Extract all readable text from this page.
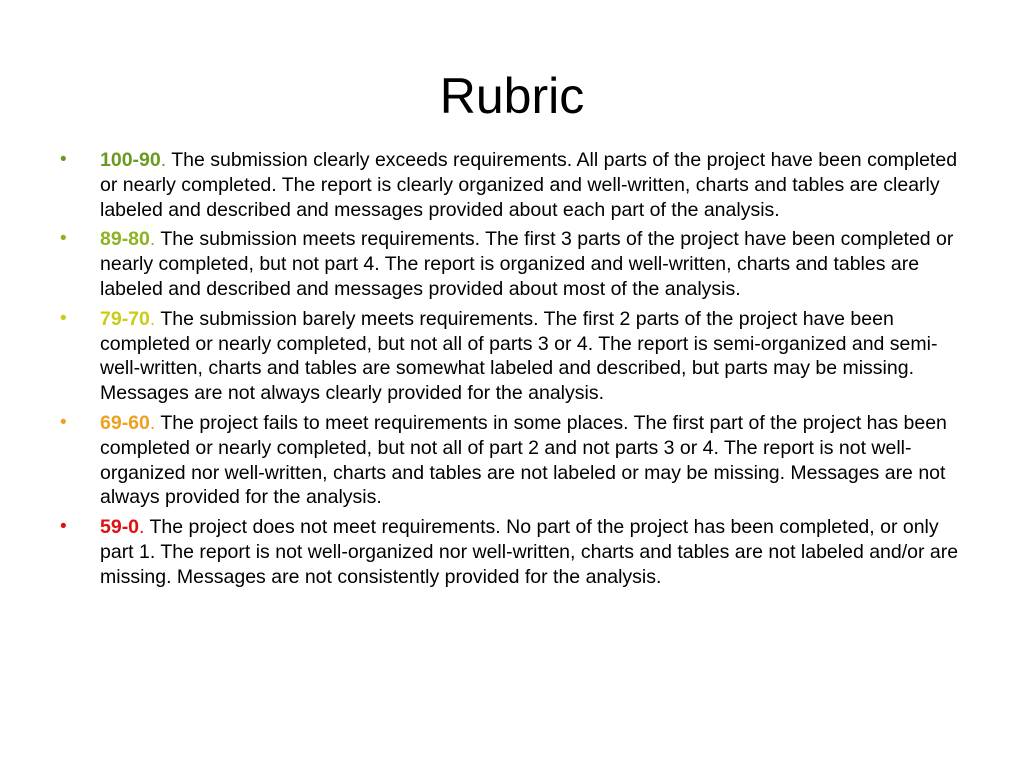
Rubric
• 100-90. The submission clearly exceeds requirements. All parts of the project have been completed or nearly completed. The report is clearly organized and well-written, charts and tables are clearly labeled and described and messages provided about each part of the analysis.
• 89-80. The submission meets requirements. The first 3 parts of the project have been completed or nearly completed, but not part 4. The report is organized and well-written, charts and tables are labeled and described and messages provided about most of the analysis.
• 79-70. The submission barely meets requirements. The first 2 parts of the project have been completed or nearly completed, but not all of parts 3 or 4. The report is semi-organized and semi-well-written, charts and tables are somewhat labeled and described, but parts may be missing. Messages are not always clearly provided for the analysis.
• 69-60. The project fails to meet requirements in some places. The first part of the project has been completed or nearly completed, but not all of part 2 and not parts 3 or 4. The report is not well-organized nor well-written, charts and tables are not labeled or may be missing. Messages are not always provided for the analysis.
• 59-0. The project does not meet requirements. No part of the project has been completed, or only part 1. The report is not well-organized nor well-written, charts and tables are not labeled and/or are missing. Messages are not consistently provided for the analysis.
